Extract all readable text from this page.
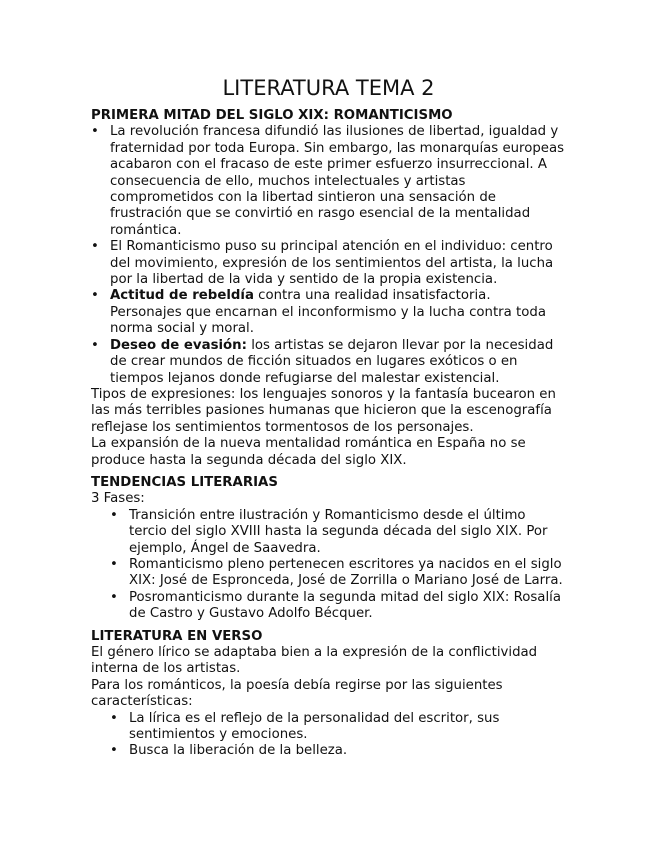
LITERATURA TEMA 2
PRIMERA MITAD DEL SIGLO XIX: ROMANTICISMO
• La revolución francesa difundió las ilusiones de libertad, igualdad y fraternidad por toda Europa. Sin embargo, las monarquías europeas acabaron con el fracaso de este primer esfuerzo insurreccional. A consecuencia de ello, muchos intelectuales y artistas comprometidos con la libertad sintieron una sensación de frustración que se convirtió en rasgo esencial de la mentalidad romántica.
• El Romanticismo puso su principal atención en el individuo: centro del movimiento, expresión de los sentimientos del artista, la lucha por la libertad de la vida y sentido de la propia existencia.
• Actitud de rebeldía contra una realidad insatisfactoria. Personajes que encarnan el inconformismo y la lucha contra toda norma social y moral.
• Deseo de evasión: los artistas se dejaron llevar por la necesidad de crear mundos de ficción situados en lugares exóticos o en tiempos lejanos donde refugiarse del malestar existencial.

Tipos de expresiones: los lenguajes sonoros y la fantasía bucearon en las más terribles pasiones humanas que hicieron que la escenografía reflejase los sentimientos tormentosos de los personajes.

La expansión de la nueva mentalidad romántica en España no se produce hasta la segunda década del siglo XIX.

TENDENCIAS LITERARIAS

3 Fases:

• Transición entre ilustración y Romanticismo desde el último tercio del siglo XVIII hasta la segunda década del siglo XIX. Por ejemplo, Ángel de Saavedra.
• Romanticismo pleno pertenecen escritores ya nacidos en el siglo XIX: José de Espronceda, José de Zorrilla o Mariano José de Larra.
• Posromanticismo durante la segunda mitad del siglo XIX: Rosalía de Castro y Gustavo Adolfo Bécquer.
LITERATURA EN VERSO

El género lírico se adaptaba bien a la expresión de la conflictividad interna de los artistas.

Para los románticos, la poesía debía regirse por las siguientes características:

• La lírica es el reflejo de la personalidad del escritor, sus sentimientos y emociones.
• Busca la liberación de la belleza.
